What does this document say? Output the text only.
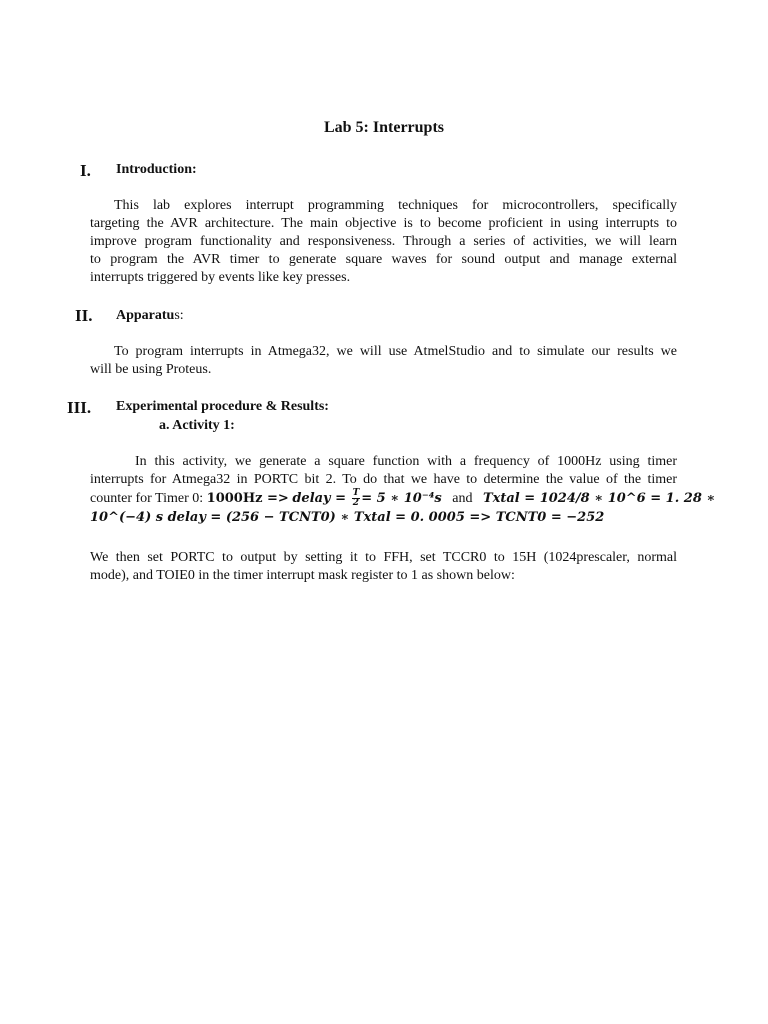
Lab 5: Interrupts
I. Introduction:
This lab explores interrupt programming techniques for microcontrollers, specifically
targeting the AVR architecture. The main objective is to become proficient in using interrupts to
improve program functionality and responsiveness. Through a series of activities, we will learn
to program the AVR timer to generate square waves for sound output and manage external
interrupts triggered by events like key presses.
II. Apparatus:
To program interrupts in Atmega32, we will use AtmelStudio and to simulate our results we
will be using Proteus.
III. Experimental procedure & Results:
a. Activity 1:
In this activity, we generate a square function with a frequency of 1000Hz using timer
interrupts for Atmega32 in PORTC bit 2. To do that we have to determine the value of the timer
counter for Timer 0: 1000Hz => delay = $\frac{T}{2} = 5$ ∗ 10⁻⁴s and Txtal = 1024/8 ∗ 10^6 = 1. 28 ∗
10^(−4) s delay = (256 − TCNT0) ∗ Txtal = 0. 0005 => TCNT0 = −252
We then set PORTC to output by setting it to FFH, set TCCR0 to 15H (1024prescaler, normal
mode), and TOIE0 in the timer interrupt mask register to 1 as shown below:
